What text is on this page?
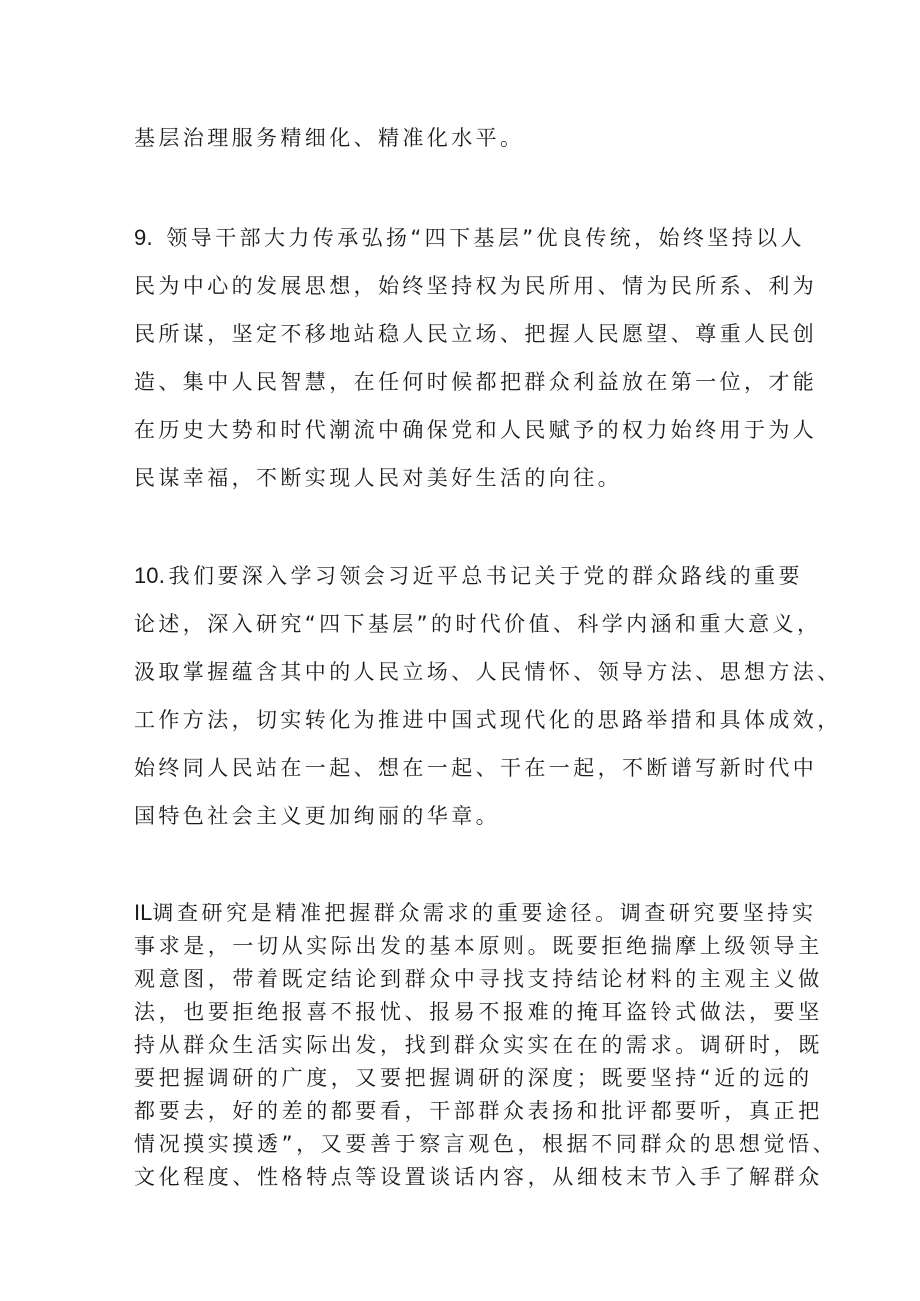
基层治理服务精细化、精准化水平。
9. 领导干部大力传承弘扬“四下基层”优良传统，始终坚持以人
民为中心的发展思想，始终坚持权为民所用、情为民所系、利为
民所谋，坚定不移地站稳人民立场、把握人民愿望、尊重人民创
造、集中人民智慧，在任何时候都把群众利益放在第一位，才能
在历史大势和时代潮流中确保党和人民赋予的权力始终用于为人
民谋幸福，不断实现人民对美好生活的向往。
10.我们要深入学习领会习近平总书记关于党的群众路线的重要
论述，深入研究“四下基层”的时代价值、科学内涵和重大意义，
汲取掌握蕴含其中的人民立场、人民情怀、领导方法、思想方法、
工作方法，切实转化为推进中国式现代化的思路举措和具体成效，
始终同人民站在一起、想在一起、干在一起，不断谱写新时代中
国特色社会主义更加绚丽的华章。
IL调查研究是精准把握群众需求的重要途径。调查研究要坚持实
事求是，一切从实际出发的基本原则。既要拒绝揣摩上级领导主
观意图，带着既定结论到群众中寻找支持结论材料的主观主义做
法，也要拒绝报喜不报忧、报易不报难的掩耳盗铃式做法，要坚
持从群众生活实际出发，找到群众实实在在的需求。调研时，既
要把握调研的广度，又要把握调研的深度；既要坚持“近的远的
都要去，好的差的都要看，干部群众表扬和批评都要听，真正把
情况摸实摸透”，又要善于察言观色，根据不同群众的思想觉悟、
文化程度、性格特点等设置谈话内容，从细枝末节入手了解群众
